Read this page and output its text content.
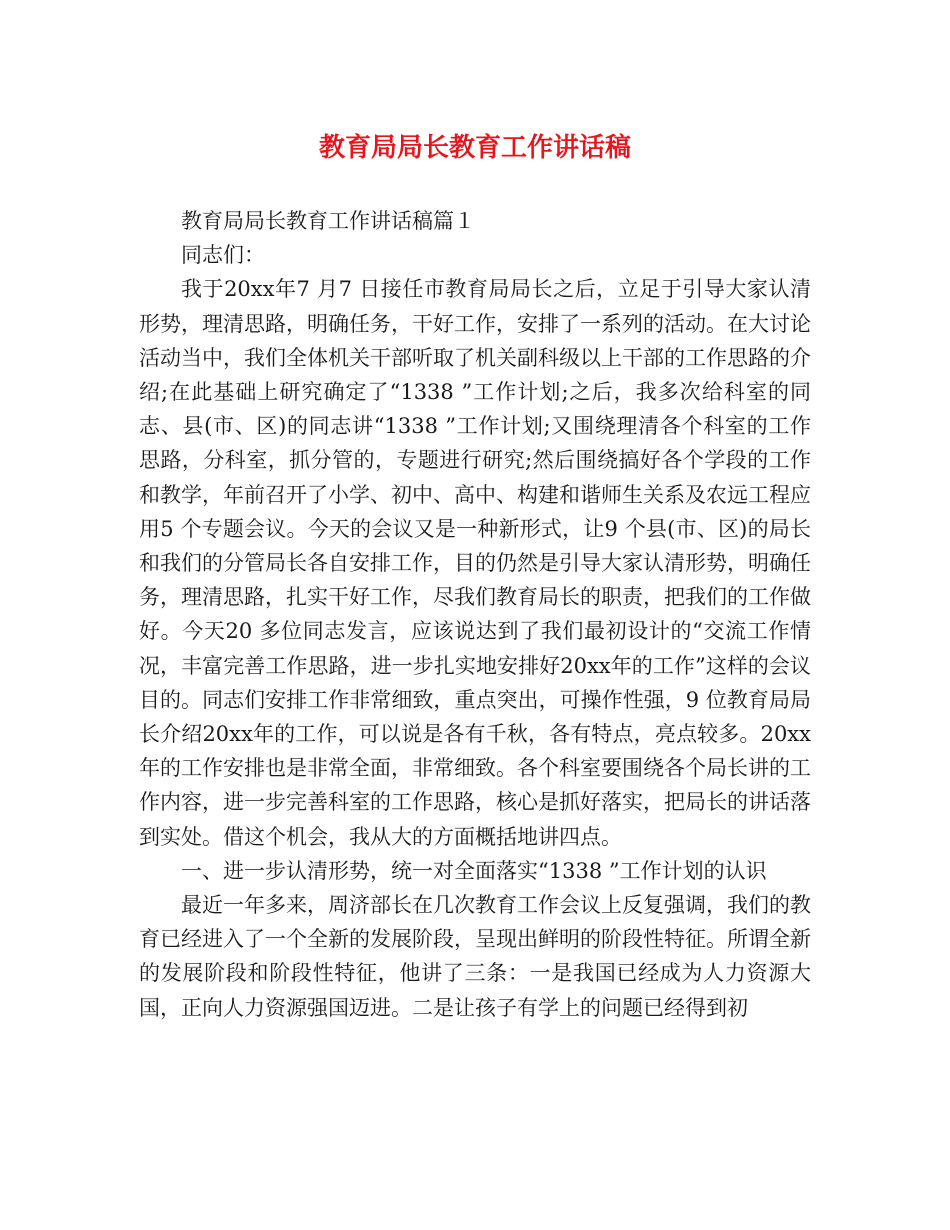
教育局局长教育工作讲话稿

教育局局长教育工作讲话稿篇１

同志们：

我于20xx年7 月7 日接任市教育局局长之后，立足于引导大家认清形势，理清思路，明确任务，干好工作，安排了一系列的活动。在大讨论活动当中，我们全体机关干部听取了机关副科级以上干部的工作思路的介绍;在此基础上研究确定了“1338 ”工作计划;之后，我多次给科室的同志、县(市、区)的同志讲“1338 ”工作计划;又围绕理清各个科室的工作思路，分科室，抓分管的，专题进行研究;然后围绕搞好各个学段的工作和教学，年前召开了小学、初中、高中、构建和谐师生关系及农远工程应用5 个专题会议。今天的会议又是一种新形式，让9 个县(市、区)的局长和我们的分管局长各自安排工作，目的仍然是引导大家认清形势，明确任务，理清思路，扎实干好工作，尽我们教育局长的职责，把我们的工作做好。今天20 多位同志发言，应该说达到了我们最初设计的“交流工作情况，丰富完善工作思路，进一步扎实地安排好20xx年的工作”这样的会议目的。同志们安排工作非常细致，重点突出，可操作性强，9 位教育局局长介绍20xx年的工作，可以说是各有千秋，各有特点，亮点较多。20xx年的工作安排也是非常全面，非常细致。各个科室要围绕各个局长讲的工作内容，进一步完善科室的工作思路，核心是抓好落实，把局长的讲话落到实处。借这个机会，我从大的方面概括地讲四点。

一、进一步认清形势，统一对全面落实“1338 ”工作计划的认识

最近一年多来，周济部长在几次教育工作会议上反复强调，我们的教育已经进入了一个全新的发展阶段，呈现出鲜明的阶段性特征。所谓全新的发展阶段和阶段性特征，他讲了三条：一是我国已经成为人力资源大国，正向人力资源强国迈进。二是让孩子有学上的问题已经得到初
